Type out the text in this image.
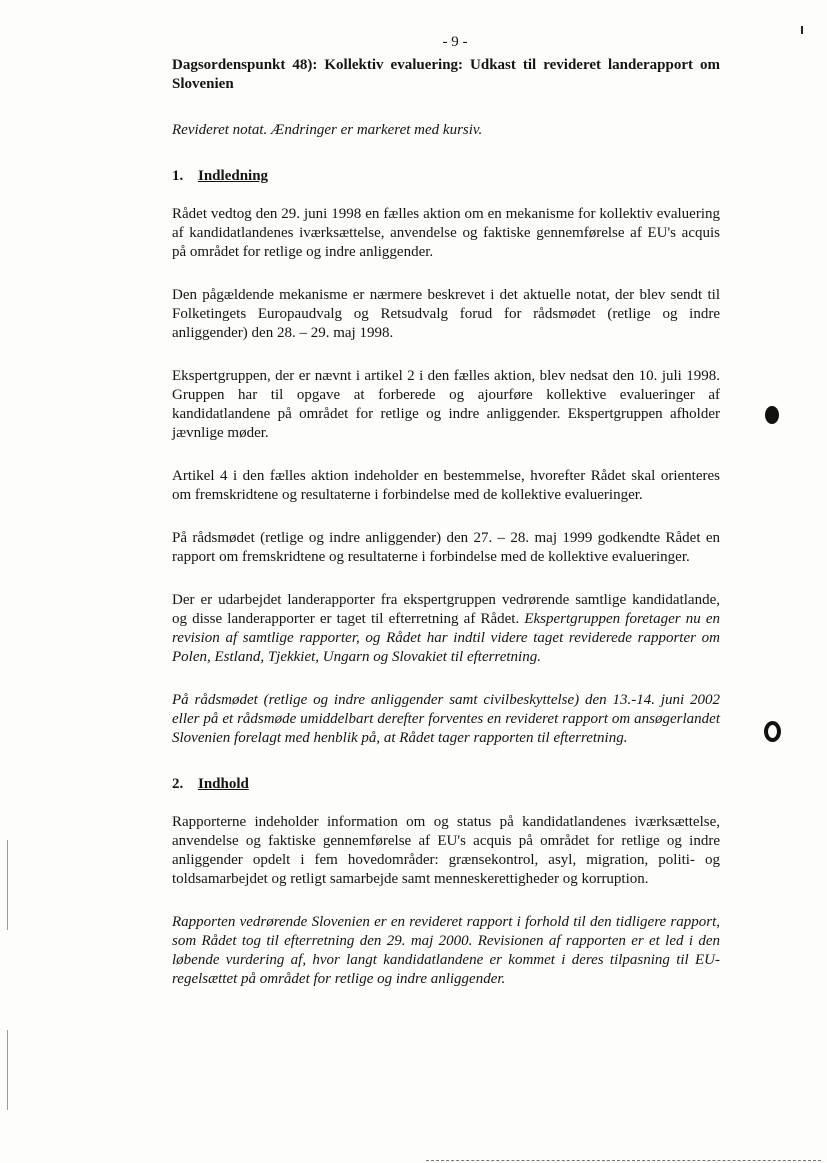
- 9 -

Dagsordenspunkt 48): Kollektiv evaluering: Udkast til revideret landerapport om Slovenien

Revideret notat. Ændringer er markeret med kursiv.

1. Indledning

Rådet vedtog den 29. juni 1998 en fælles aktion om en mekanisme for kollektiv evaluering af kandidatlandenes iværksættelse, anvendelse og faktiske gennemførelse af EU's acquis på området for retlige og indre anliggender.

Den pågældende mekanisme er nærmere beskrevet i det aktuelle notat, der blev sendt til Folketingets Europaudvalg og Retsudvalg forud for rådsmødet (retlige og indre anliggender) den 28. – 29. maj 1998.

Ekspertgruppen, der er nævnt i artikel 2 i den fælles aktion, blev nedsat den 10. juli 1998. Gruppen har til opgave at forberede og ajourføre kollektive evalueringer af kandidatlandene på området for retlige og indre anliggender. Ekspertgruppen afholder jævnlige møder.

Artikel 4 i den fælles aktion indeholder en bestemmelse, hvorefter Rådet skal orienteres om fremskridtene og resultaterne i forbindelse med de kollektive evalueringer.

På rådsmødet (retlige og indre anliggender) den 27. – 28. maj 1999 godkendte Rådet en rapport om fremskridtene og resultaterne i forbindelse med de kollektive evalueringer.

Der er udarbejdet landerapporter fra ekspertgruppen vedrørende samtlige kandidatlande, og disse landerapporter er taget til efterretning af Rådet. Ekspertgruppen foretager nu en revision af samtlige rapporter, og Rådet har indtil videre taget reviderede rapporter om Polen, Estland, Tjekkiet, Ungarn og Slovakiet til efterretning.

På rådsmødet (retlige og indre anliggender samt civilbeskyttelse) den 13.-14. juni 2002 eller på et rådsmøde umiddelbart derefter forventes en revideret rapport om ansøgerlandet Slovenien forelagt med henblik på, at Rådet tager rapporten til efterretning.

2. Indhold

Rapporterne indeholder information om og status på kandidatlandenes iværksættelse, anvendelse og faktiske gennemførelse af EU's acquis på området for retlige og indre anliggender opdelt i fem hovedområder: grænsekontrol, asyl, migration, politi- og toldsamarbejdet og retligt samarbejde samt menneskerettigheder og korruption.

Rapporten vedrørende Slovenien er en revideret rapport i forhold til den tidligere rapport, som Rådet tog til efterretning den 29. maj 2000. Revisionen af rapporten er et led i den løbende vurdering af, hvor langt kandidatlandene er kommet i deres tilpasning til EU-regelsættet på området for retlige og indre anliggender.
